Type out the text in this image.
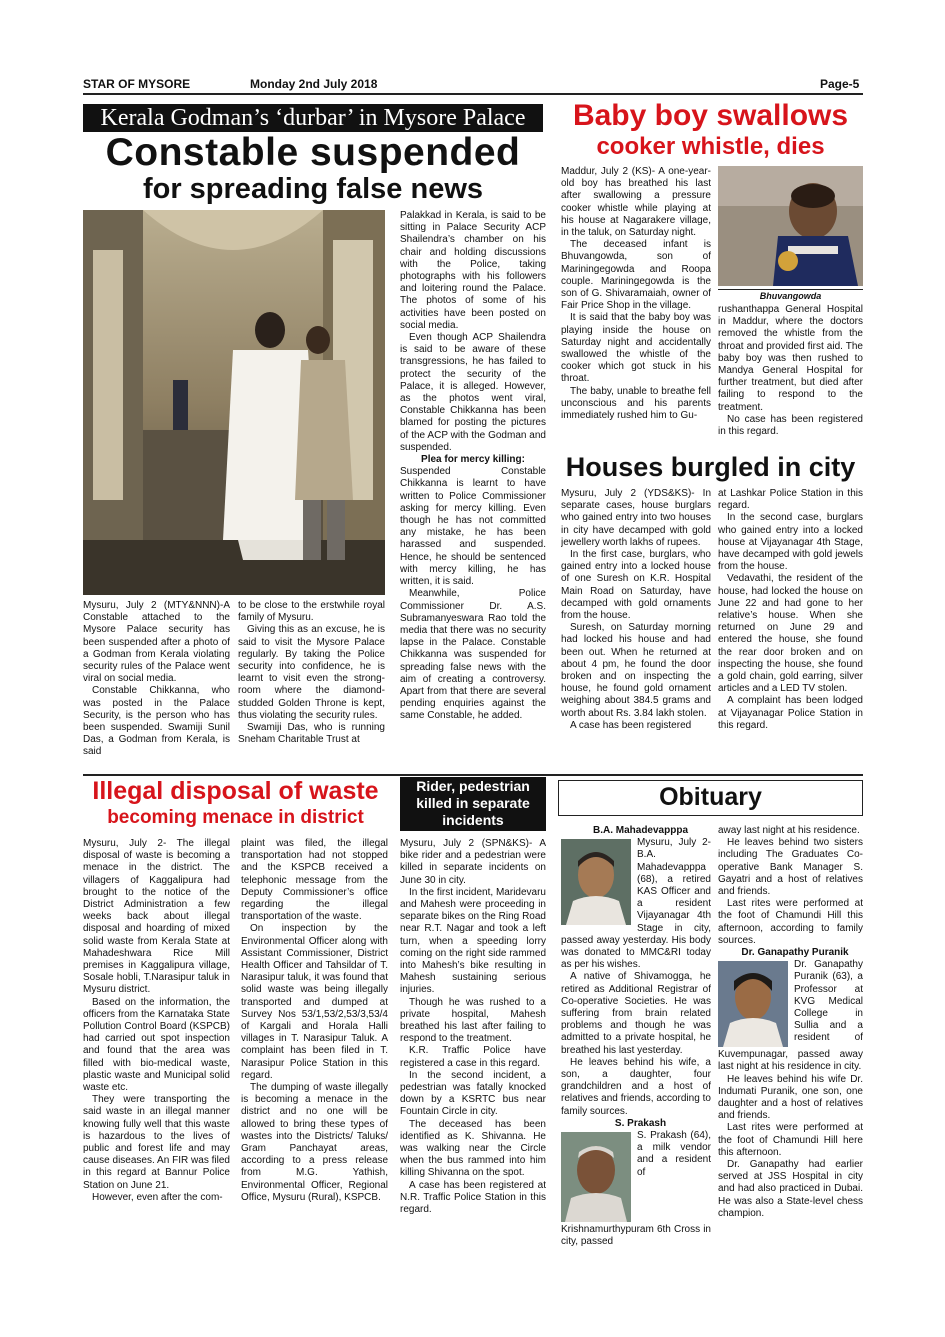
STAR OF MYSORE	Monday 2nd July 2018	Page-5
Kerala Godman’s ‘durbar’ in Mysore Palace
Constable suspended
for spreading false news

Mysuru, July 2 (MTY&NNN)-A Constable attached to the Mysore Palace security has been suspended after a photo of a Godman from Kerala violating security rules of the Palace went viral on social media.

Constable Chikkanna, who was posted in the Palace Security, is the person who has been suspended. Swamiji Sunil Das, a Godman from Kerala, is said

to be close to the erstwhile royal family of Mysuru.

Giving this as an excuse, he is said to visit the Mysore Palace regularly. By taking the Police security into confidence, he is learnt to visit even the strong-room where the diamond-studded Golden Throne is kept, thus violating the security rules.

Swamiji Das, who is running Sneham Charitable Trust at

Palakkad in Kerala, is said to be sitting in Palace Security ACP Shailendra’s chamber on his chair and holding discussions with the Police, taking photographs with his followers and loitering round the Palace. The photos of some of his activities have been posted on social media.

Even though ACP Shailendra is said to be aware of these transgressions, he has failed to protect the security of the Palace, it is alleged. However, as the photos went viral, Constable Chikkanna has been blamed for posting the pictures of the ACP with the Godman and suspended.

Plea for mercy killing:

Suspended Constable Chikkanna is learnt to have written to Police Commissioner asking for mercy killing. Even though he has not committed any mistake, he has been harassed and suspended. Hence, he should be sentenced with mercy killing, he has written, it is said.

Meanwhile, Police Commissioner Dr. A.S. Subramanyeswara Rao told the media that there was no security lapse in the Palace. Constable Chikkanna was suspended for spreading false news with the aim of creating a controversy. Apart from that there are several pending enquiries against the same Constable, he added.

Baby boy swallows
cooker whistle, dies
Bhuvangowda

Maddur, July 2 (KS)- A one-year-old boy has breathed his last after swallowing a pressure cooker whistle while playing at his house at Nagarakere village, in the taluk, on Saturday night.

The deceased infant is Bhuvangowda, son of Mariningegowda and Roopa couple. Mariningegowda is the son of G. Shivaramaiah, owner of Fair Price Shop in the village.

It is said that the baby boy was playing inside the house on Saturday night and accidentally swallowed the whistle of the cooker which got stuck in his throat.

The baby, unable to breathe fell unconscious and his parents immediately rushed him to Gu-

rushanthappa General Hospital in Maddur, where the doctors removed the whistle from the throat and provided first aid. The baby boy was then rushed to Mandya General Hospital for further treatment, but died after failing to respond to the treatment.

No case has been registered in this regard.

Houses burgled in city

Mysuru, July 2 (YDS&KS)- In separate cases, house burglars who gained entry into two houses in city have decamped with gold jewellery worth lakhs of rupees.

In the first case, burglars, who gained entry into a locked house of one Suresh on K.R. Hospital Main Road on Saturday, have decamped with gold ornaments from the house.

Suresh, on Saturday morning had locked his house and had been out. When he returned at about 4 pm, he found the door broken and on inspecting the house, he found gold ornament weighing about 384.5 grams and worth about Rs. 3.84 lakh stolen.

A case has been registered

at Lashkar Police Station in this regard.

In the second case, burglars who gained entry into a locked house at Vijayanagar 4th Stage, have decamped with gold jewels from the house.

Vedavathi, the resident of the house, had locked the house on June 22 and had gone to her relative’s house. When she returned on June 29 and entered the house, she found the rear door broken and on inspecting the house, she found a gold chain, gold earring, silver articles and a LED TV stolen.

A complaint has been lodged at Vijayanagar Police Station in this regard.

Illegal disposal of waste
becoming menace in district

Mysuru, July 2- The illegal disposal of waste is becoming a menace in the district. The villagers of Kaggalipura had brought to the notice of the District Administration a few weeks back about illegal disposal and hoarding of mixed solid waste from Kerala State at Mahadeshwara Rice Mill premises in Kaggalipura village, Sosale hobli, T.Narasipur taluk in Mysuru district.

Based on the information, the officers from the Karnataka State Pollution Control Board (KSPCB) had carried out spot inspection and found that the area was filled with bio-medical waste, plastic waste and Municipal solid waste etc.

They were transporting the said waste in an illegal manner knowing fully well that this waste is hazardous to the lives of public and forest life and may cause diseases. An FIR was filed in this regard at Bannur Police Station on June 21.

However, even after the com-

plaint was filed, the illegal transportation had not stopped and the KSPCB received a telephonic message from the Deputy Commissioner’s office regarding the illegal transportation of the waste.

On inspection by the Environmental Officer along with Assistant Commissioner, District Health Officer and Tahsildar of T. Narasipur taluk, it was found that solid waste was being illegally transported and dumped at Survey Nos 53/1,53/2,53/3,53/4 of Kargali and Horala Halli villages in T. Narasipur Taluk. A complaint has been filed in T. Narasipur Police Station in this regard.

The dumping of waste illegally is becoming a menace in the district and no one will be allowed to bring these types of wastes into the Districts/ Taluks/ Gram Panchayat areas, according to a press release from M.G. Yathish, Environmental Officer, Regional Office, Mysuru (Rural), KSPCB.

Rider, pedestrian killed in separate incidents

Mysuru, July 2 (SPN&KS)- A bike rider and a pedestrian were killed in separate incidents on June 30 in city.

In the first incident, Maridevaru and Mahesh were proceeding in separate bikes on the Ring Road near R.T. Nagar and took a left turn, when a speeding lorry coming on the right side rammed into Mahesh’s bike resulting in Mahesh sustaining serious injuries.

Though he was rushed to a private hospital, Mahesh breathed his last after failing to respond to the treatment.

K.R. Traffic Police have registered a case in this regard.

In the second incident, a pedestrian was fatally knocked down by a KSRTC bus near Fountain Circle in city.

The deceased has been identified as K. Shivanna. He was walking near the Circle when the bus rammed into him killing Shivanna on the spot.

A case has been registered at N.R. Traffic Police Station in this regard.

Obituary

B.A. Mahadevapppa

Mysuru, July 2- B.A. Mahadevapppa (68), a retired KAS Officer and a resident Vijayanagar 4th Stage in city, passed away yesterday. His body was donated to MMC&RI today as per his wishes.

A native of Shivamogga, he retired as Additional Registrar of Co-operative Societies. He was suffering from brain related problems and though he was admitted to a private hospital, he breathed his last yesterday.

He leaves behind his wife, a son, a daughter, four grandchildren and a host of relatives and friends, according to family sources.

S. Prakash

S. Prakash (64), a milk vendor and a resident of Krishnamurthypuram 6th Cross in city, passed

away last night at his residence.

He leaves behind two sisters including The Graduates Co-operative Bank Manager S. Gayatri and a host of relatives and friends.

Last rites were performed at the foot of Chamundi Hill this afternoon, according to family sources.

Dr. Ganapathy Puranik

Dr. Ganapathy Puranik (63), a Professor at KVG Medical College in Sullia and a resident of Kuvempunagar, passed away last night at his residence in city.

He leaves behind his wife Dr. Indumati Puranik, one son, one daughter and a host of relatives and friends.

Last rites were performed at the foot of Chamundi Hill here this afternoon.

Dr. Ganapathy had earlier served at JSS Hospital in city and had also practiced in Dubai. He was also a State-level chess champion.
